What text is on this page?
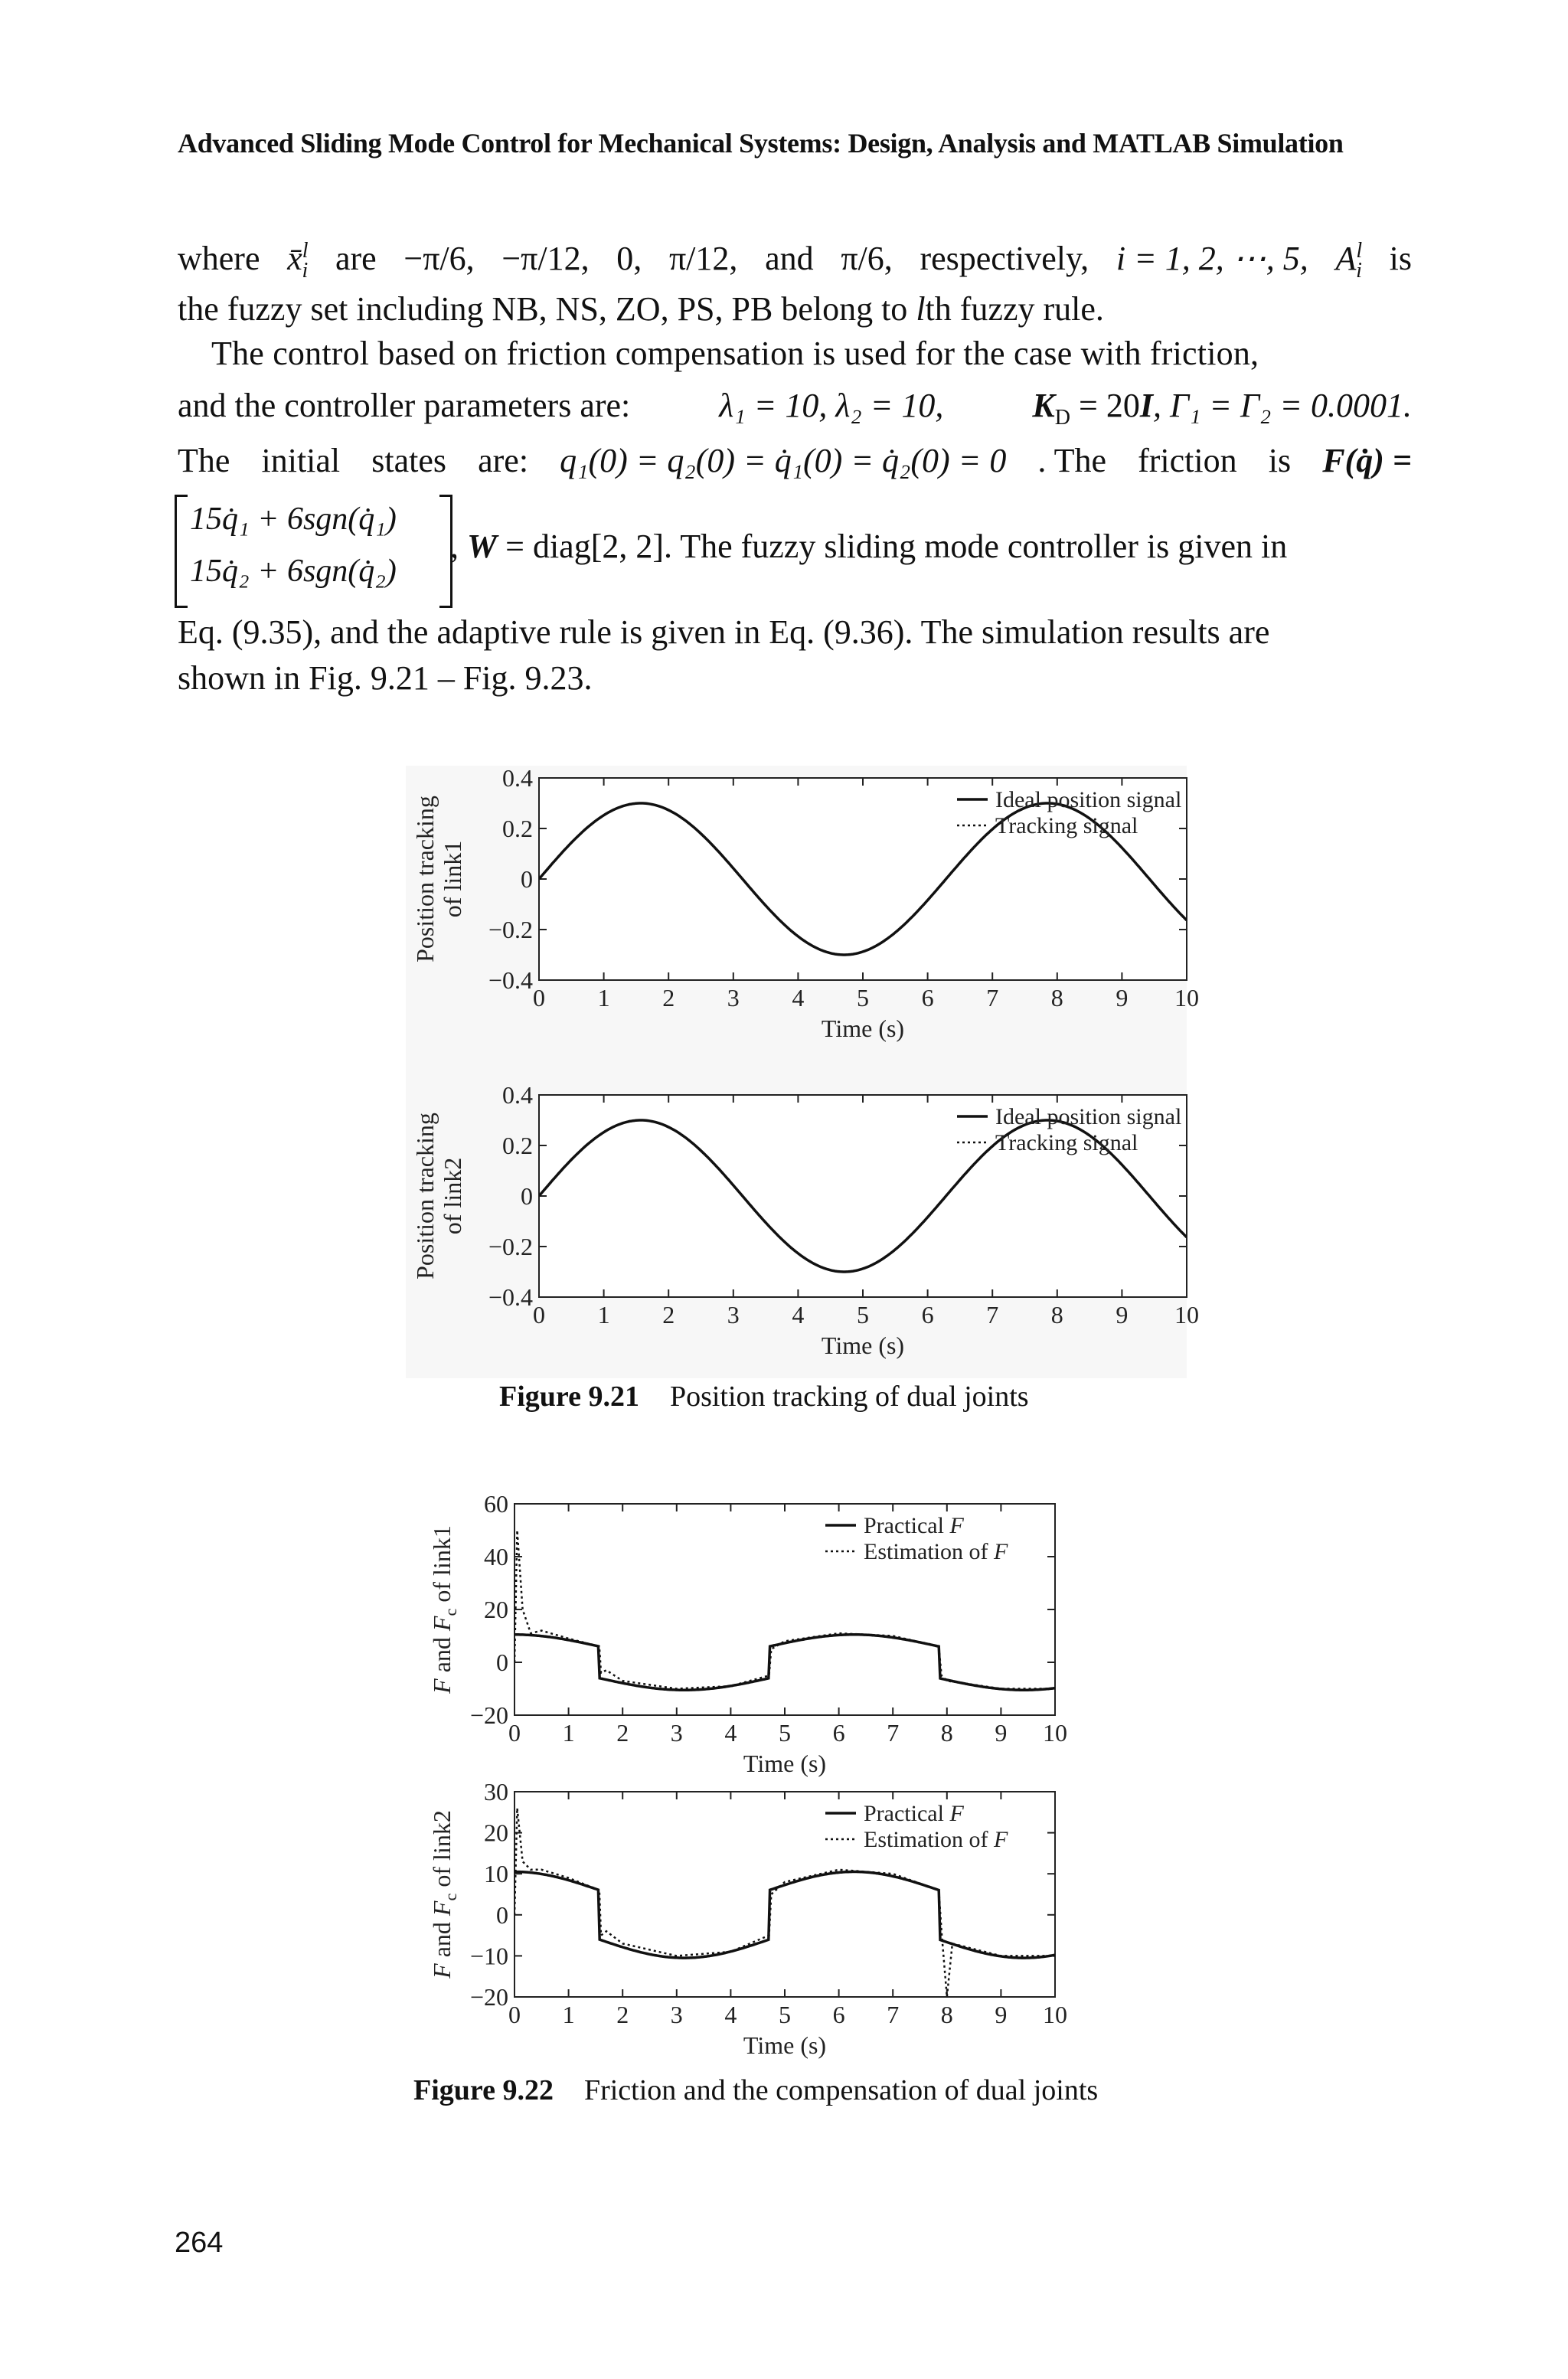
Advanced Sliding Mode Control for Mechanical Systems: Design, Analysis and MATLAB Simulation
where x̄$^l_i$ are −π/6, −π/12, 0, π/12, and π/6, respectively, i = 1, 2, ⋯, 5, $A^l_i$ is
the fuzzy set including NB, NS, ZO, PS, PB belong to lth fuzzy rule.
The control based on friction compensation is used for the case with friction,
and the controller parameters are:	λ₁ = 10, λ₂ = 10,	$K_D = 20I$, Γ₁ = Γ₂ = 0.0001.
The initial states are: q₁(0) = q₂(0) = q̇₁(0) = q̇₂(0) = 0 . The friction is F(q̇) =
15q̇₁ + 6sgn(q̇₁)
15q̇₂ + 6sgn(q̇₂)
, W = diag[2, 2]. The fuzzy sliding mode controller is given in
Eq. (9.35), and the adaptive rule is given in Eq. (9.36). The simulation results are
shown in Fig. 9.21 – Fig. 9.23.
0 1 2 3 4 5 6 7 8 9 10
0.4
0.2
0
−0.2
−0.4
Time (s)
Position tracking of link1
Ideal position signal
Tracking signal
0 1 2 3 4 5 6 7 8 9 10
0.4
0.2
0
−0.2
−0.4
Time (s)
Position tracking of link2
Ideal position signal
Tracking signal
Figure 9.21 Position tracking of dual joints
0 1 2 3 4 5 6 7 8 9 10
60
40
20
0
−20
Time (s)
F and $F_c$ of link1	Practical F
Estimation of F
0 1 2 3 4 5 6 7 8 9 10
30
20
10
0
−10
−20
Time (s)
F and $F_c$ of link2	Practical F
Estimation of F
Figure 9.22 Friction and the compensation of dual joints
264
